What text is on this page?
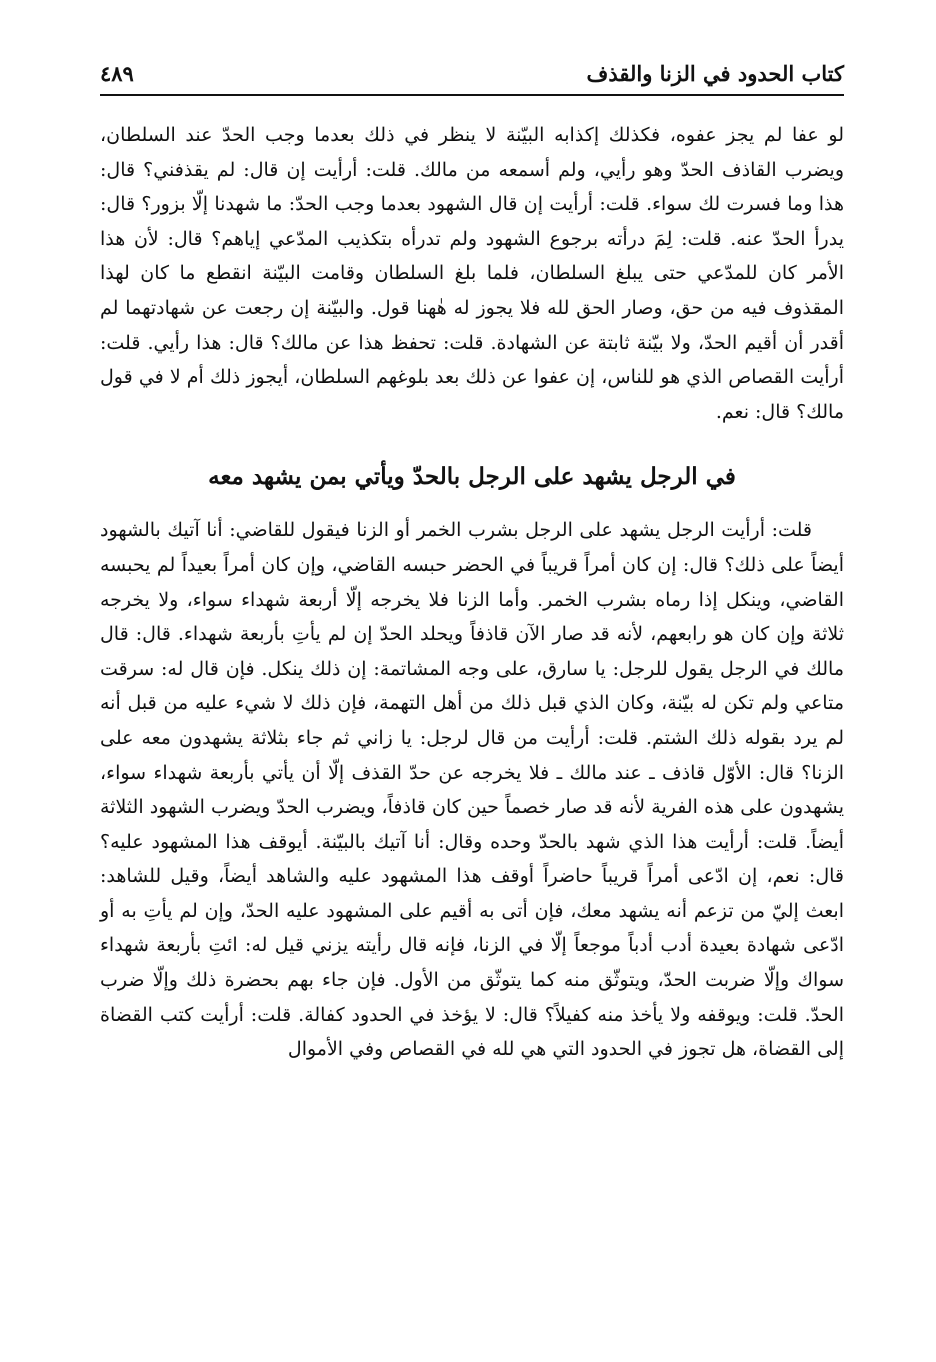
كتاب الحدود في الزنا والقذف
٤٨٩

لو عفا لم يجز عفوه، فكذلك إكذابه البيّنة لا ينظر في ذلك بعدما وجب الحدّ عند السلطان، ويضرب القاذف الحدّ وهو رأيي، ولم أسمعه من مالك. قلت: أرأيت إن قال: لم يقذفني؟ قال: هذا وما فسرت لك سواء. قلت: أرأيت إن قال الشهود بعدما وجب الحدّ: ما شهدنا إلّا بزور؟ قال: يدرأ الحدّ عنه. قلت: لِمَ درأته برجوع الشهود ولم تدرأه بتكذيب المدّعي إياهم؟ قال: لأن هذا الأمر كان للمدّعي حتى يبلغ السلطان، فلما بلغ السلطان وقامت البيّنة انقطع ما كان لهذا المقذوف فيه من حق، وصار الحق لله فلا يجوز له هٰهنا قول. والبيّنة إن رجعت عن شهادتهما لم أقدر أن أقيم الحدّ، ولا بيّنة ثابتة عن الشهادة. قلت: تحفظ هذا عن مالك؟ قال: هذا رأيي. قلت: أرأيت القصاص الذي هو للناس، إن عفوا عن ذلك بعد بلوغهم السلطان، أيجوز ذلك أم لا في قول مالك؟ قال: نعم.

في الرجل يشهد على الرجل بالحدّ ويأتي بمن يشهد معه

قلت: أرأيت الرجل يشهد على الرجل بشرب الخمر أو الزنا فيقول للقاضي: أنا آتيك بالشهود أيضاً على ذلك؟ قال: إن كان أمراً قريباً في الحضر حبسه القاضي، وإن كان أمراً بعيداً لم يحبسه القاضي، وينكل إذا رماه بشرب الخمر. وأما الزنا فلا يخرجه إلّا أربعة شهداء سواء، ولا يخرجه ثلاثة وإن كان هو رابعهم، لأنه قد صار الآن قاذفاً ويحلد الحدّ إن لم يأتِ بأربعة شهداء. قال: قال مالك في الرجل يقول للرجل: يا سارق، على وجه المشاتمة: إن ذلك ينكل. فإن قال له: سرقت متاعي ولم تكن له بيّنة، وكان الذي قبل ذلك من أهل التهمة، فإن ذلك لا شيء عليه من قبل أنه لم يرد بقوله ذلك الشتم. قلت: أرأيت من قال لرجل: يا زاني ثم جاء بثلاثة يشهدون معه على الزنا؟ قال: الأوّل قاذف ـ عند مالك ـ فلا يخرجه عن حدّ القذف إلّا أن يأتي بأربعة شهداء سواء، يشهدون على هذه الفرية لأنه قد صار خصماً حين كان قاذفاً، ويضرب الحدّ ويضرب الشهود الثلاثة أيضاً. قلت: أرأيت هذا الذي شهد بالحدّ وحده وقال: أنا آتيك بالبيّنة. أيوقف هذا المشهود عليه؟ قال: نعم، إن ادّعى أمراً قريباً حاضراً أوقف هذا المشهود عليه والشاهد أيضاً، وقيل للشاهد: ابعث إليّ من تزعم أنه يشهد معك، فإن أتى به أقيم على المشهود عليه الحدّ، وإن لم يأتِ به أو ادّعى شهادة بعيدة أدب أدباً موجعاً إلّا في الزنا، فإنه قال رأيته يزني قيل له: ائتِ بأربعة شهداء سواك وإلّا ضربت الحدّ، ويتوثّق منه كما يتوثّق من الأول. فإن جاء بهم بحضرة ذلك وإلّا ضرب الحدّ. قلت: ويوقفه ولا يأخذ منه كفيلاً؟ قال: لا يؤخذ في الحدود كفالة. قلت: أرأيت كتب القضاة إلى القضاة، هل تجوز في الحدود التي هي لله في القصاص وفي الأموال
